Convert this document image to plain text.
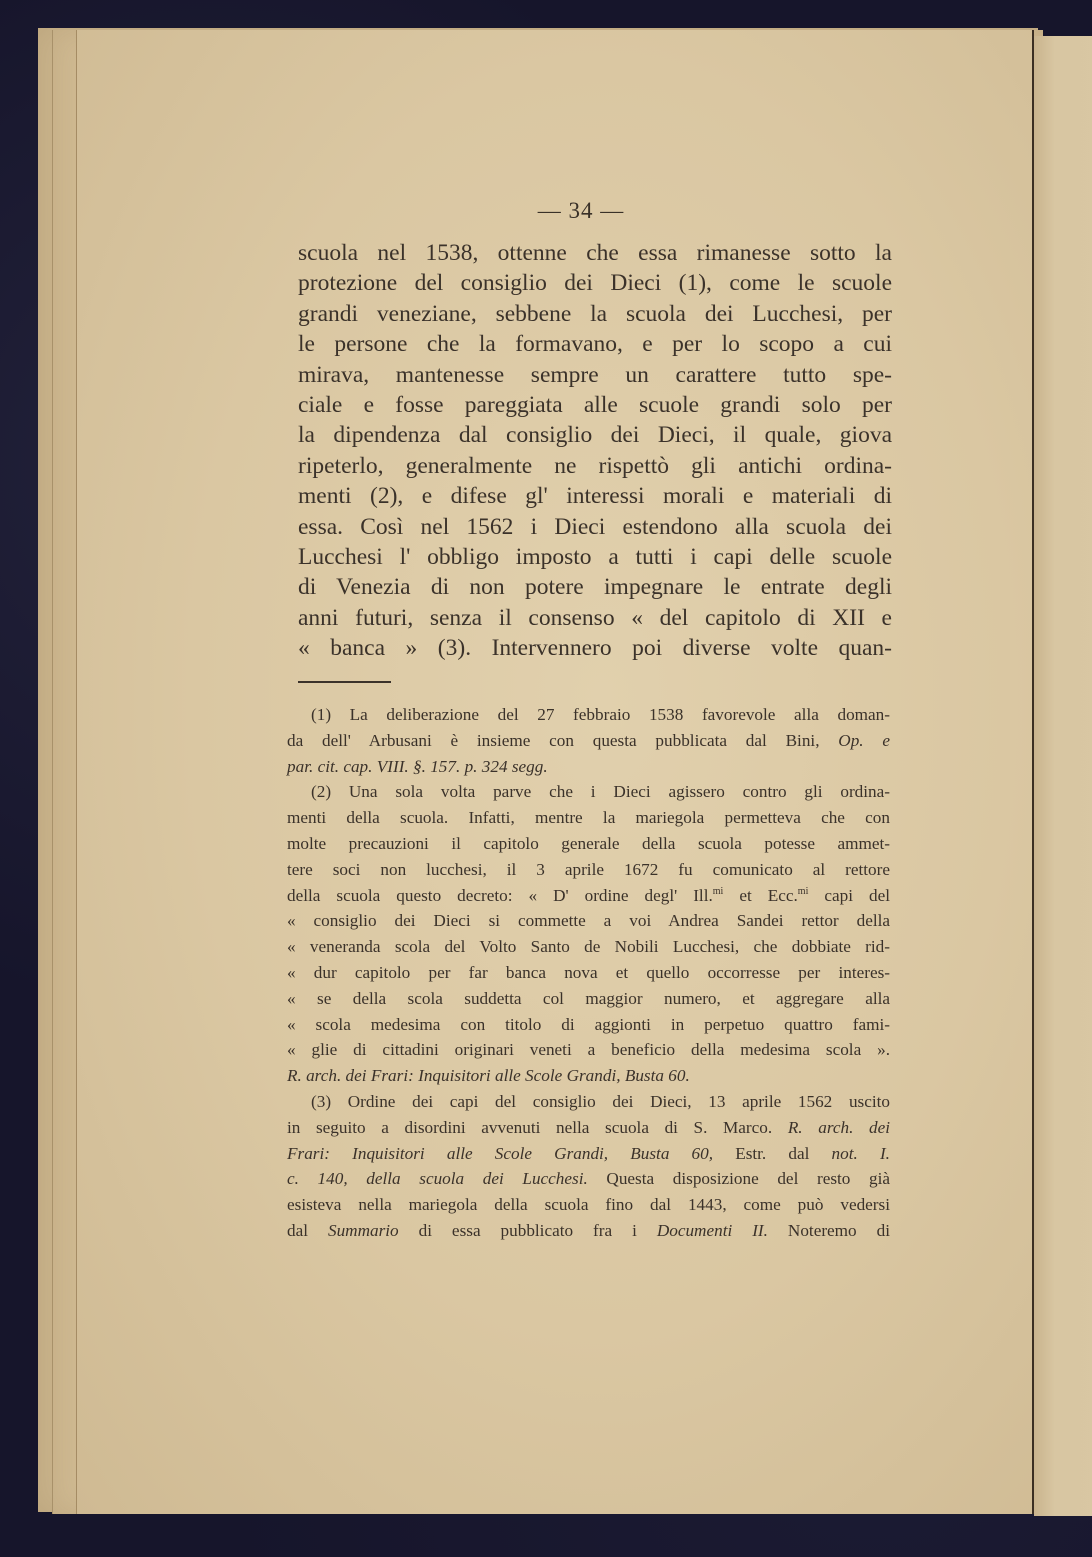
— 34 —
scuola nel 1538, ottenne che essa rimanesse sotto la
protezione del consiglio dei Dieci (1), come le scuole
grandi veneziane, sebbene la scuola dei Lucchesi, per
le persone che la formavano, e per lo scopo a cui
mirava, mantenesse sempre un carattere tutto spe-
ciale e fosse pareggiata alle scuole grandi solo per
la dipendenza dal consiglio dei Dieci, il quale, giova
ripeterlo, generalmente ne rispettò gli antichi ordina-
menti (2), e difese gl' interessi morali e materiali di
essa. Così nel 1562 i Dieci estendono alla scuola dei
Lucchesi l' obbligo imposto a tutti i capi delle scuole
di Venezia di non potere impegnare le entrate degli
anni futuri, senza il consenso « del capitolo di XII e
« banca » (3). Intervennero poi diverse volte quan-
(1) La deliberazione del 27 febbraio 1538 favorevole alla doman-
da dell' Arbusani è insieme con questa pubblicata dal Bini, Op. e
par. cit. cap. VIII. §. 157. p. 324 segg.
(2) Una sola volta parve che i Dieci agissero contro gli ordina-
menti della scuola. Infatti, mentre la mariegola permetteva che con
molte precauzioni il capitolo generale della scuola potesse ammet-
tere soci non lucchesi, il 3 aprile 1672 fu comunicato al rettore
della scuola questo decreto: « D' ordine degl' Ill.$^{mi}$ et Ecc.$^{mi}$ capi del
« consiglio dei Dieci si commette a voi Andrea Sandei rettor della
« veneranda scola del Volto Santo de Nobili Lucchesi, che dobbiate rid-
« dur capitolo per far banca nova et quello occorresse per interes-
« se della scola suddetta col maggior numero, et aggregare alla
« scola medesima con titolo di aggionti in perpetuo quattro fami-
« glie di cittadini originari veneti a beneficio della medesima scola ».
R. arch. dei Frari: Inquisitori alle Scole Grandi, Busta 60.
(3) Ordine dei capi del consiglio dei Dieci, 13 aprile 1562 uscito
in seguito a disordini avvenuti nella scuola di S. Marco. R. arch. dei
Frari: Inquisitori alle Scole Grandi, Busta 60, Estr. dal not. I.
c. 140, della scuola dei Lucchesi. Questa disposizione del resto già
esisteva nella mariegola della scuola fino dal 1443, come può vedersi
dal Summario di essa pubblicato fra i Documenti II. Noteremo di
